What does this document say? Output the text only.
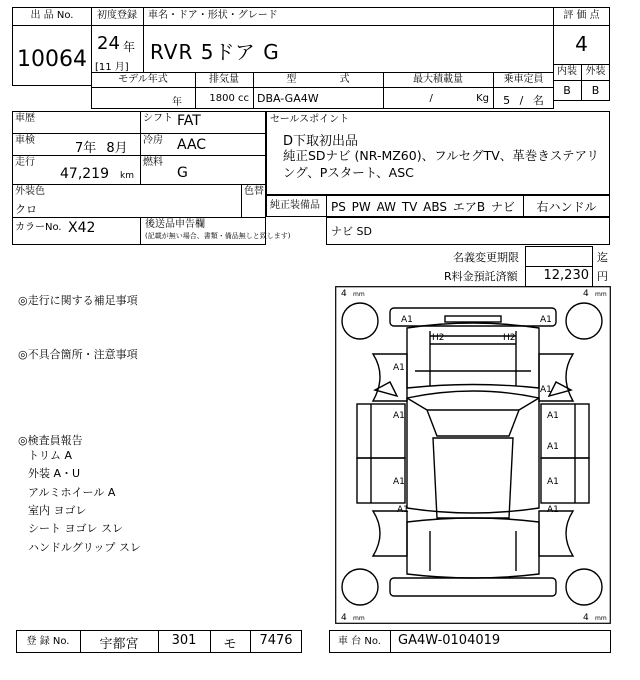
出 品 No.
10064
初度登録
24 年
[11 月]
車名・ドア・形状・グレード
RVR 5ドア G
モデル年式
年
排気量
1800 cc
型 式
DBA-GA4W
最大積載量
/ Kg
乗車定員
5 / 名
評 価 点
4
内装 外装
B	B
車歴	シフト FAT
車検
7年 8月
冷房 AAC
走行
47,219 km
燃料
G
外装色
クロ
色替
カラーNo. X42	後送品申告欄
(記載が無い場合、書類・備品無しと致します)
セールスポイント
D下取初出品
純正SDナビ (NR-MZ60)、フルセグTV、革巻きステアリ
ング、Pスタート、ASC
純正装備品 PS PW AW TV ABS エアB ナビ	右ハンドル
ナビ SD
名義変更期限	迄
R料金預託済額	12,230 円
◎走行に関する補足事項
◎不具合箇所・注意事項
◎検査員報告
トリム A
外装 A・U
アルミホイール A
室内 ヨゴレ
シート ヨゴレ スレ
ハンドルグリップ スレ
4	4
4	4
mm	mm
mm	mm
A1	A1
A1
A1
A1	A1
A1
A1	A1
A1	A1
H2	H2
登 録 No.	宇都宮	301	モ	7476	車 台 No.	GA4W-0104019
